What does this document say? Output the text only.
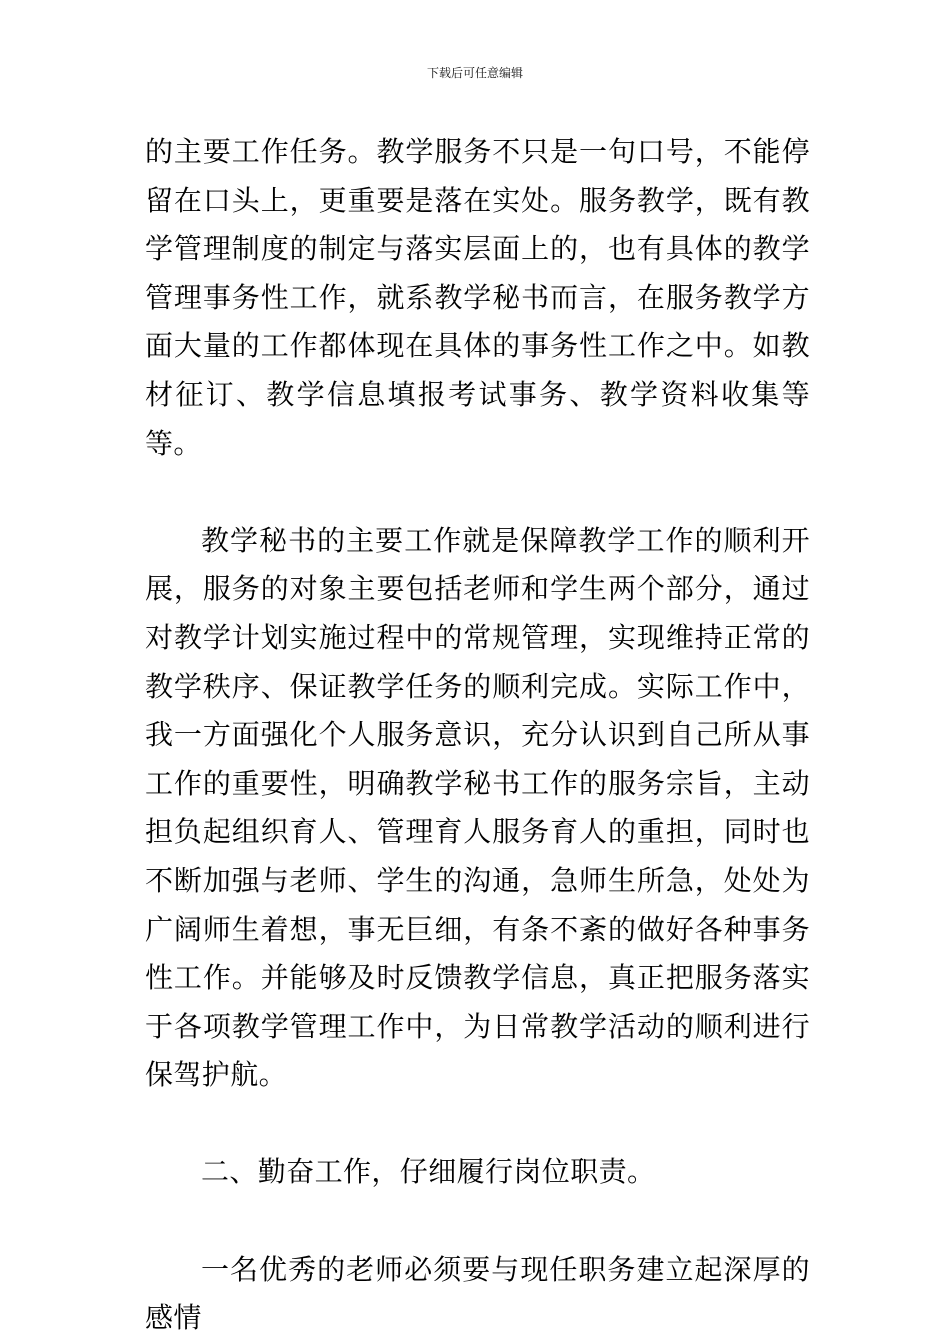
下载后可任意编辑

的主要工作任务。教学服务不只是一句口号，不能停留在口头上，更重要是落在实处。服务教学，既有教学管理制度的制定与落实层面上的，也有具体的教学管理事务性工作，就系教学秘书而言，在服务教学方面大量的工作都体现在具体的事务性工作之中。如教材征订、教学信息填报考试事务、教学资料收集等等。

教学秘书的主要工作就是保障教学工作的顺利开展，服务的对象主要包括老师和学生两个部分，通过对教学计划实施过程中的常规管理，实现维持正常的教学秩序、保证教学任务的顺利完成。实际工作中，我一方面强化个人服务意识，充分认识到自己所从事工作的重要性，明确教学秘书工作的服务宗旨，主动担负起组织育人、管理育人服务育人的重担，同时也不断加强与老师、学生的沟通，急师生所急，处处为广阔师生着想，事无巨细，有条不紊的做好各种事务性工作。并能够及时反馈教学信息，真正把服务落实于各项教学管理工作中，为日常教学活动的顺利进行保驾护航。

二、勤奋工作，仔细履行岗位职责。

一名优秀的老师必须要与现任职务建立起深厚的感情
